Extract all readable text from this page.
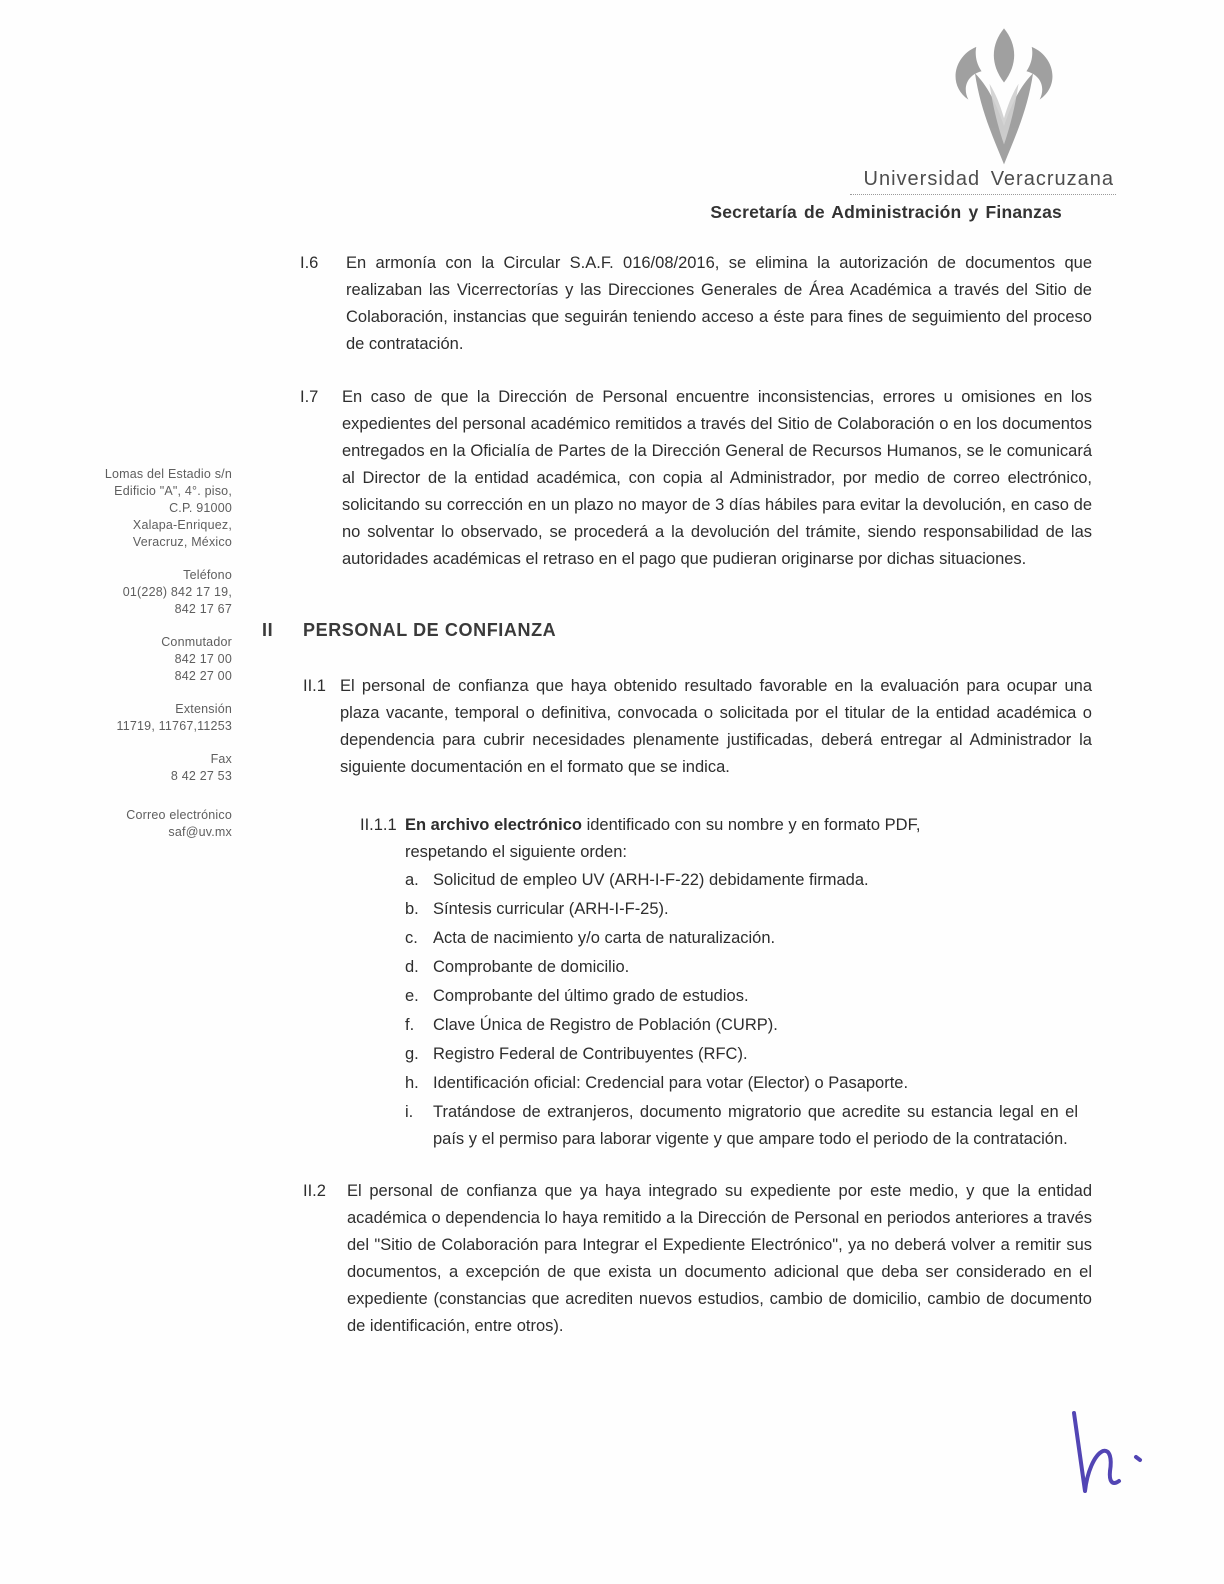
Universidad Veracruzana
Secretaría de Administración y Finanzas
Lomas del Estadio s/n
Edificio "A", 4°. piso,
C.P. 91000
Xalapa-Enriquez,
Veracruz, México
Teléfono
01(228) 842 17 19,
842 17 67
Conmutador
842 17 00
842 27 00
Extensión
11719, 11767,11253
Fax
8 42 27 53
Correo electrónico
saf@uv.mx
I.6	En armonía con la Circular S.A.F. 016/08/2016, se elimina la autorización de documentos que realizaban las Vicerrectorías y las Direcciones Generales de Área Académica a través del Sitio de Colaboración, instancias que seguirán teniendo acceso a éste para fines de seguimiento del proceso de contratación.
I.7	En caso de que la Dirección de Personal encuentre inconsistencias, errores u omisiones en los expedientes del personal académico remitidos a través del Sitio de Colaboración o en los documentos entregados en la Oficialía de Partes de la Dirección General de Recursos Humanos, se le comunicará al Director de la entidad académica, con copia al Administrador, por medio de correo electrónico, solicitando su corrección en un plazo no mayor de 3 días hábiles para evitar la devolución, en caso de no solventar lo observado, se procederá a la devolución del trámite, siendo responsabilidad de las autoridades académicas el retraso en el pago que pudieran originarse por dichas situaciones.
II	PERSONAL DE CONFIANZA
II.1 El personal de confianza que haya obtenido resultado favorable en la evaluación para ocupar una plaza vacante, temporal o definitiva, convocada o solicitada por el titular de la entidad académica o dependencia para cubrir necesidades plenamente justificadas, deberá entregar al Administrador la siguiente documentación en el formato que se indica.
II.1.1 En archivo electrónico identificado con su nombre y en formato PDF,
respetando el siguiente orden:
a. Solicitud de empleo UV (ARH-I-F-22) debidamente firmada.
b. Síntesis curricular (ARH-I-F-25).
c. Acta de nacimiento y/o carta de naturalización.
d. Comprobante de domicilio.
e. Comprobante del último grado de estudios.
f.	Clave Única de Registro de Población (CURP).
g. Registro Federal de Contribuyentes (RFC).
h. Identificación oficial: Credencial para votar (Elector) o Pasaporte.
i.	Tratándose de extranjeros, documento migratorio que acredite su estancia legal en el país y el permiso para laborar vigente y que ampare todo el periodo de la contratación.
II.2	El personal de confianza que ya haya integrado su expediente por este medio, y que la entidad académica o dependencia lo haya remitido a la Dirección de Personal en periodos anteriores a través del "Sitio de Colaboración para Integrar el Expediente Electrónico", ya no deberá volver a remitir sus documentos, a excepción de que exista un documento adicional que deba ser considerado en el expediente (constancias que acrediten nuevos estudios, cambio de domicilio, cambio de documento de identificación, entre otros).
